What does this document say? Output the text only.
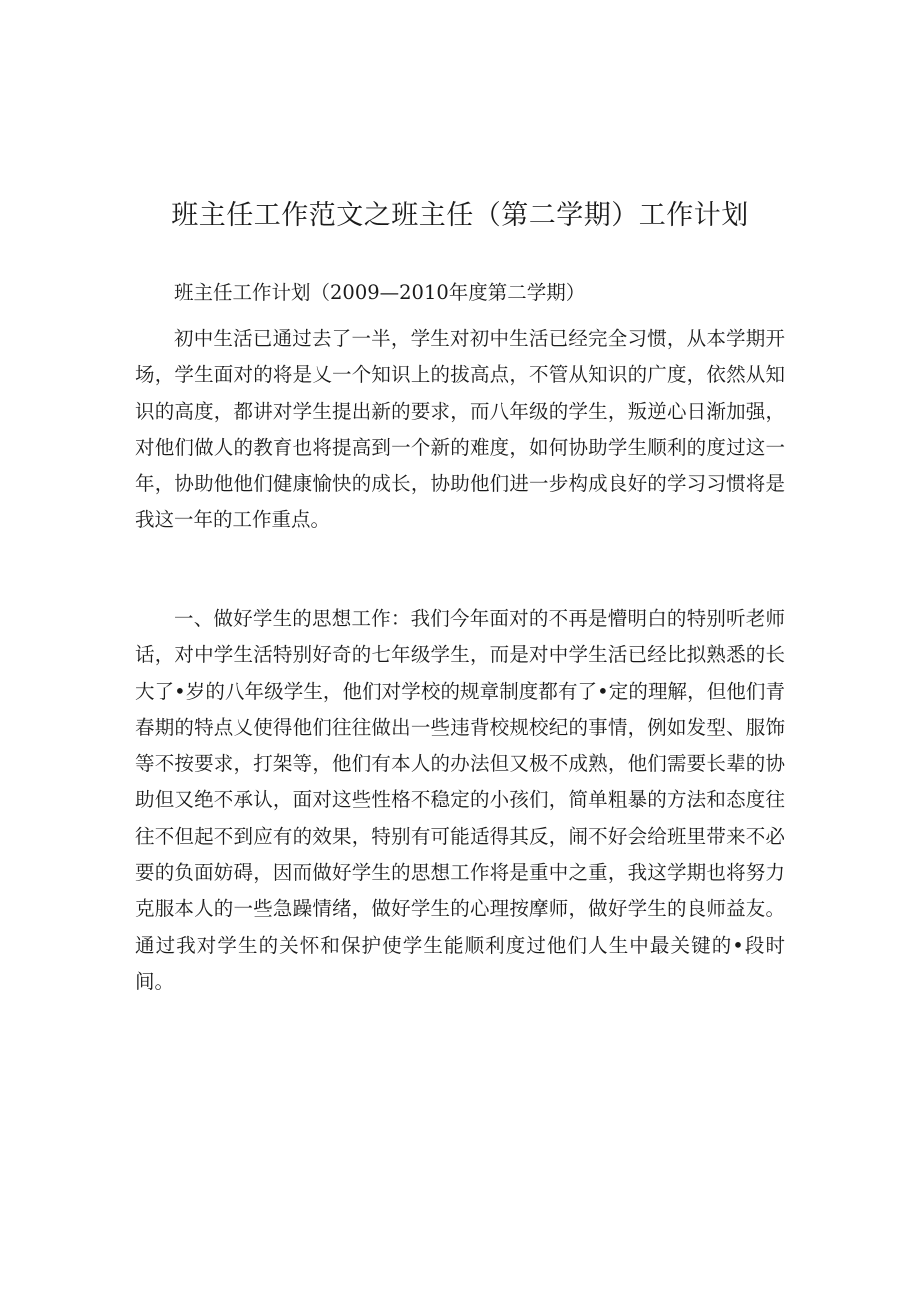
班主任工作范文之班主任（第二学期）工作计划

班主任工作计划（2009—2010年度第二学期）

初中生活已通过去了一半，学生对初中生活已经完全习惯，从本学期开场，学生面对的将是乂一个知识上的拔高点，不管从知识的广度，依然从知识的高度，都讲对学生提出新的要求，而八年级的学生，叛逆心日渐加强，对他们做人的教育也将提高到一个新的难度，如何协助学生顺利的度过这一年，协助他他们健康愉快的成长，协助他们进一步构成良好的学习习惯将是我这一年的工作重点。

一、做好学生的思想工作：我们今年面对的不再是懵明白的特别听老师话，对中学生活特别好奇的七年级学生，而是对中学生活已经比拟熟悉的长大了•岁的八年级学生，他们对学校的规章制度都有了•定的理解，但他们青春期的特点乂使得他们往往做出一些违背校规校纪的事情，例如发型、服饰等不按要求，打架等，他们有本人的办法但又极不成熟，他们需要长辈的协助但又绝不承认，面对这些性格不稳定的小孩们，简单粗暴的方法和态度往往不但起不到应有的效果，特别有可能适得其反，闹不好会给班里带来不必要的负面妨碍，因而做好学生的思想工作将是重中之重，我这学期也将努力克服本人的一些急躁情绪，做好学生的心理按摩师，做好学生的良师益友。通过我对学生的关怀和保护使学生能顺利度过他们人生中最关键的•段时间。
